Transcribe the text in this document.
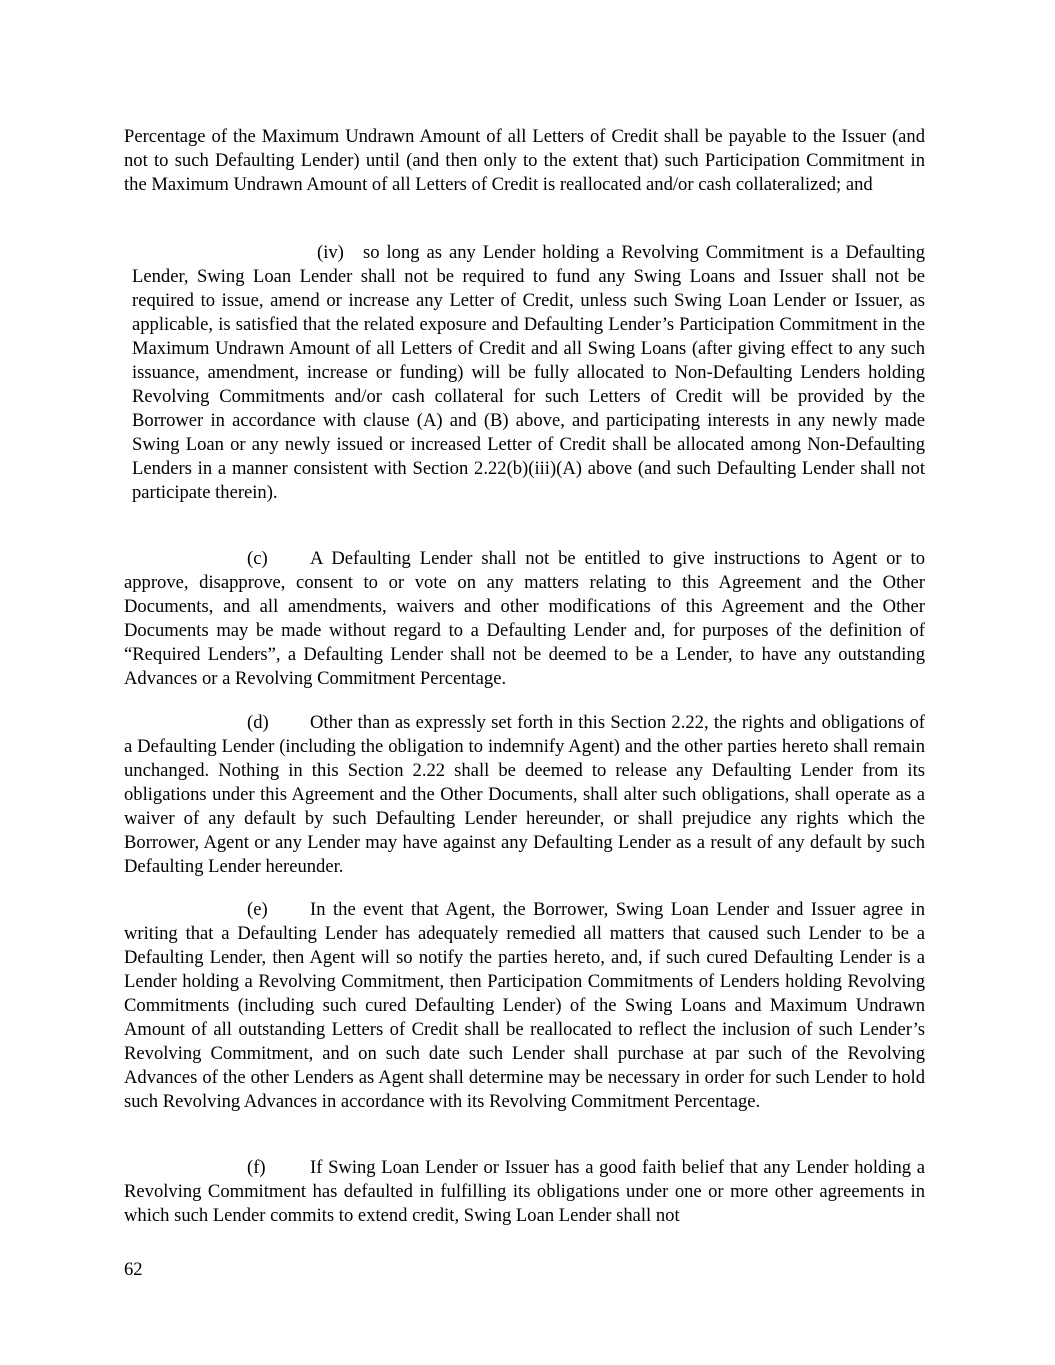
Percentage of the Maximum Undrawn Amount of all Letters of Credit shall be payable to the Issuer (and not to such Defaulting Lender) until (and then only to the extent that) such Participation Commitment in the Maximum Undrawn Amount of all Letters of Credit is reallocated and/or cash collateralized; and

(iv) so long as any Lender holding a Revolving Commitment is a Defaulting Lender, Swing Loan Lender shall not be required to fund any Swing Loans and Issuer shall not be required to issue, amend or increase any Letter of Credit, unless such Swing Loan Lender or Issuer, as applicable, is satisfied that the related exposure and Defaulting Lender’s Participation Commitment in the Maximum Undrawn Amount of all Letters of Credit and all Swing Loans (after giving effect to any such issuance, amendment, increase or funding) will be fully allocated to Non-Defaulting Lenders holding Revolving Commitments and/or cash collateral for such Letters of Credit will be provided by the Borrower in accordance with clause (A) and (B) above, and participating interests in any newly made Swing Loan or any newly issued or increased Letter of Credit shall be allocated among Non-Defaulting Lenders in a manner consistent with Section 2.22(b)(iii)(A) above (and such Defaulting Lender shall not participate therein).

(c) A Defaulting Lender shall not be entitled to give instructions to Agent or to approve, disapprove, consent to or vote on any matters relating to this Agreement and the Other Documents, and all amendments, waivers and other modifications of this Agreement and the Other Documents may be made without regard to a Defaulting Lender and, for purposes of the definition of “Required Lenders”, a Defaulting Lender shall not be deemed to be a Lender, to have any outstanding Advances or a Revolving Commitment Percentage.

(d) Other than as expressly set forth in this Section 2.22, the rights and obligations of a Defaulting Lender (including the obligation to indemnify Agent) and the other parties hereto shall remain unchanged. Nothing in this Section 2.22 shall be deemed to release any Defaulting Lender from its obligations under this Agreement and the Other Documents, shall alter such obligations, shall operate as a waiver of any default by such Defaulting Lender hereunder, or shall prejudice any rights which the Borrower, Agent or any Lender may have against any Defaulting Lender as a result of any default by such Defaulting Lender hereunder.

(e) In the event that Agent, the Borrower, Swing Loan Lender and Issuer agree in writing that a Defaulting Lender has adequately remedied all matters that caused such Lender to be a Defaulting Lender, then Agent will so notify the parties hereto, and, if such cured Defaulting Lender is a Lender holding a Revolving Commitment, then Participation Commitments of Lenders holding Revolving Commitments (including such cured Defaulting Lender) of the Swing Loans and Maximum Undrawn Amount of all outstanding Letters of Credit shall be reallocated to reflect the inclusion of such Lender’s Revolving Commitment, and on such date such Lender shall purchase at par such of the Revolving Advances of the other Lenders as Agent shall determine may be necessary in order for such Lender to hold such Revolving Advances in accordance with its Revolving Commitment Percentage.

(f) If Swing Loan Lender or Issuer has a good faith belief that any Lender holding a Revolving Commitment has defaulted in fulfilling its obligations under one or more other agreements in which such Lender commits to extend credit, Swing Loan Lender shall not

62
